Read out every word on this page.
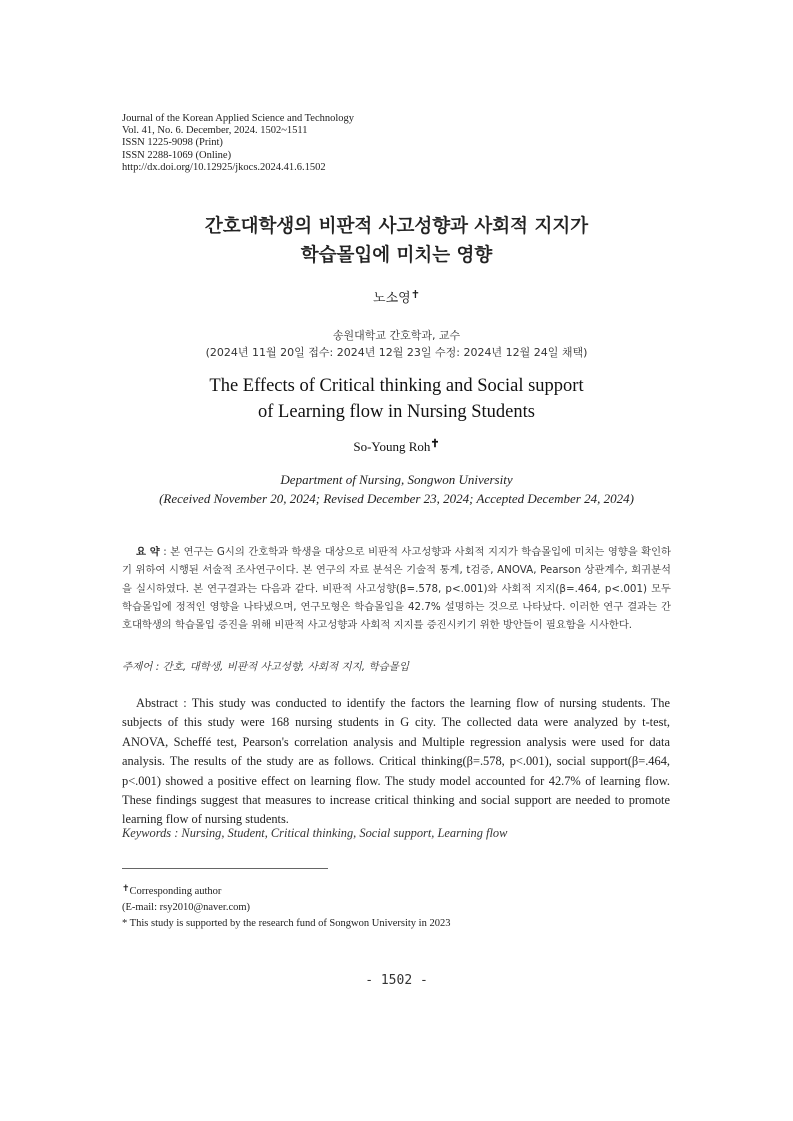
Journal of the Korean Applied Science and Technology
Vol. 41, No. 6. December, 2024. 1502~1511
ISSN 1225-9098 (Print)
ISSN 2288-1069 (Online)
http://dx.doi.org/10.12925/jkocs.2024.41.6.1502
간호대학생의 비판적 사고성향과 사회적 지지가
학습몰입에 미치는 영향
노소영✝
송원대학교 간호학과, 교수
(2024년 11월 20일 접수: 2024년 12월 23일 수정: 2024년 12월 24일 채택)
The Effects of Critical thinking and Social support
of Learning flow in Nursing Students
So-Young Roh✝
Department of Nursing, Songwon University
(Received November 20, 2024; Revised December 23, 2024; Accepted December 24, 2024)
요 약 : 본 연구는 G시의 간호학과 학생을 대상으로 비판적 사고성향과 사회적 지지가 학습몰입에 미치는 영향을 확인하기 위하여 시행된 서술적 조사연구이다. 본 연구의 자료 분석은 기술적 통계, t검증, ANOVA, Pearson 상관계수, 회귀분석을 실시하였다. 본 연구결과는 다음과 같다. 비판적 사고성향(β=.578, p<.001)와 사회적 지지(β=.464, p<.001) 모두 학습몰입에 정적인 영향을 나타냈으며, 연구모형은 학습몰입을 42.7% 설명하는 것으로 나타났다. 이러한 연구 결과는 간호대학생의 학습몰입 증진을 위해 비판적 사고성향과 사회적 지지를 증진시키기 위한 방안들이 필요함을 시사한다.
주제어 : 간호, 대학생, 비판적 사고성향, 사회적 지지, 학습몰입
Abstract : This study was conducted to identify the factors the learning flow of nursing students. The subjects of this study were 168 nursing students in G city. The collected data were analyzed by t-test, ANOVA, Scheffé test, Pearson's correlation analysis and Multiple regression analysis were used for data analysis. The results of the study are as follows. Critical thinking(β=.578, p<.001), social support(β=.464, p<.001) showed a positive effect on learning flow. The study model accounted for 42.7% of learning flow. These findings suggest that measures to increase critical thinking and social support are needed to promote learning flow of nursing students.
Keywords : Nursing, Student, Critical thinking, Social support, Learning flow
✝Corresponding author
(E-mail: rsy2010@naver.com)
* This study is supported by the research fund of Songwon University in 2023
- 1502 -
